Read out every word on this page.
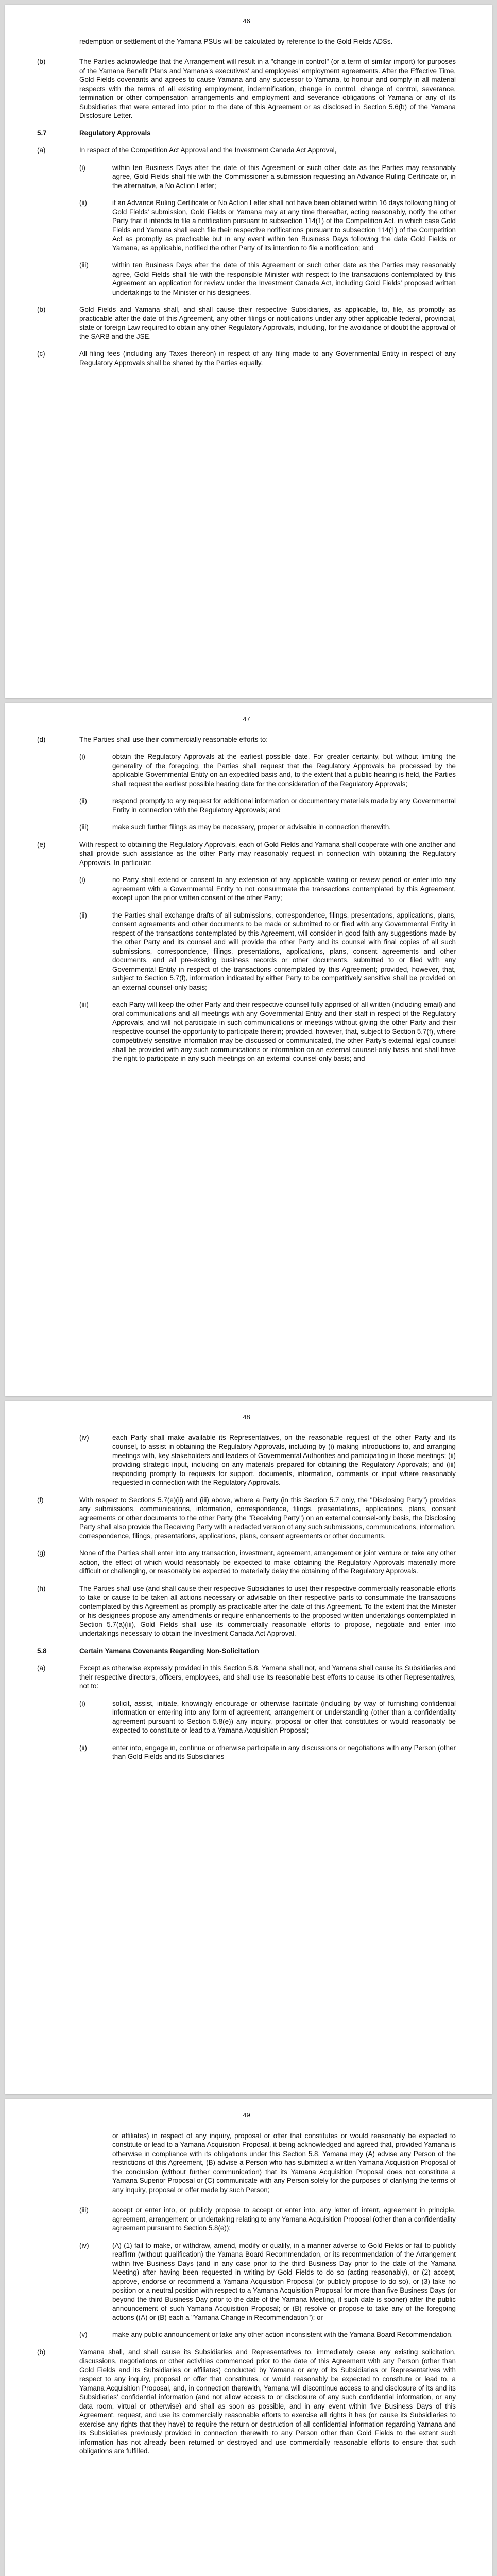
46
redemption or settlement of the Yamana PSUs will be calculated by reference to the Gold Fields ADSs.
(b)	The Parties acknowledge that the Arrangement will result in a "change in control" (or a term of similar import) for purposes of the Yamana Benefit Plans and Yamana's executives' and employees' employment agreements. After the Effective Time, Gold Fields covenants and agrees to cause Yamana and any successor to Yamana, to honour and comply in all material respects with the terms of all existing employment, indemnification, change in control, change of control, severance, termination or other compensation arrangements and employment and severance obligations of Yamana or any of its Subsidiaries that were entered into prior to the date of this Agreement or as disclosed in Section 5.6(b) of the Yamana Disclosure Letter.
5.7	Regulatory Approvals
(a)	In respect of the Competition Act Approval and the Investment Canada Act Approval,
(i)	within ten Business Days after the date of this Agreement or such other date as the Parties may reasonably agree, Gold Fields shall file with the Commissioner a submission requesting an Advance Ruling Certificate or, in the alternative, a No Action Letter;
(ii)	if an Advance Ruling Certificate or No Action Letter shall not have been obtained within 16 days following filing of Gold Fields' submission, Gold Fields or Yamana may at any time thereafter, acting reasonably, notify the other Party that it intends to file a notification pursuant to subsection 114(1) of the Competition Act, in which case Gold Fields and Yamana shall each file their respective notifications pursuant to subsection 114(1) of the Competition Act as promptly as practicable but in any event within ten Business Days following the date Gold Fields or Yamana, as applicable, notified the other Party of its intention to file a notification; and
(iii)	within ten Business Days after the date of this Agreement or such other date as the Parties may reasonably agree, Gold Fields shall file with the responsible Minister with respect to the transactions contemplated by this Agreement an application for review under the Investment Canada Act, including Gold Fields' proposed written undertakings to the Minister or his designees.
(b)	Gold Fields and Yamana shall, and shall cause their respective Subsidiaries, as applicable, to, file, as promptly as practicable after the date of this Agreement, any other filings or notifications under any other applicable federal, provincial, state or foreign Law required to obtain any other Regulatory Approvals, including, for the avoidance of doubt the approval of the SARB and the JSE.
(c)	All filing fees (including any Taxes thereon) in respect of any filing made to any Governmental Entity in respect of any Regulatory Approvals shall be shared by the Parties equally.
47
(d)	The Parties shall use their commercially reasonable efforts to:
(i)	obtain the Regulatory Approvals at the earliest possible date. For greater certainty, but without limiting the generality of the foregoing, the Parties shall request that the Regulatory Approvals be processed by the applicable Governmental Entity on an expedited basis and, to the extent that a public hearing is held, the Parties shall request the earliest possible hearing date for the consideration of the Regulatory Approvals;
(ii)	respond promptly to any request for additional information or documentary materials made by any Governmental Entity in connection with the Regulatory Approvals; and
(iii)	make such further filings as may be necessary, proper or advisable in connection therewith.
(e)	With respect to obtaining the Regulatory Approvals, each of Gold Fields and Yamana shall cooperate with one another and shall provide such assistance as the other Party may reasonably request in connection with obtaining the Regulatory Approvals. In particular:
(i)	no Party shall extend or consent to any extension of any applicable waiting or review period or enter into any agreement with a Governmental Entity to not consummate the transactions contemplated by this Agreement, except upon the prior written consent of the other Party;
(ii)	the Parties shall exchange drafts of all submissions, correspondence, filings, presentations, applications, plans, consent agreements and other documents to be made or submitted to or filed with any Governmental Entity in respect of the transactions contemplated by this Agreement, will consider in good faith any suggestions made by the other Party and its counsel and will provide the other Party and its counsel with final copies of all such submissions, correspondence, filings, presentations, applications, plans, consent agreements and other documents, and all pre-existing business records or other documents, submitted to or filed with any Governmental Entity in respect of the transactions contemplated by this Agreement; provided, however, that, subject to Section 5.7(f), information indicated by either Party to be competitively sensitive shall be provided on an external counsel-only basis;
(iii)	each Party will keep the other Party and their respective counsel fully apprised of all written (including email) and oral communications and all meetings with any Governmental Entity and their staff in respect of the Regulatory Approvals, and will not participate in such communications or meetings without giving the other Party and their respective counsel the opportunity to participate therein; provided, however, that, subject to Section 5.7(f), where competitively sensitive information may be discussed or communicated, the other Party's external legal counsel shall be provided with any such communications or information on an external counsel-only basis and shall have the right to participate in any such meetings on an external counsel-only basis; and
48
(iv)	each Party shall make available its Representatives, on the reasonable request of the other Party and its counsel, to assist in obtaining the Regulatory Approvals, including by (i) making introductions to, and arranging meetings with, key stakeholders and leaders of Governmental Authorities and participating in those meetings; (ii) providing strategic input, including on any materials prepared for obtaining the Regulatory Approvals; and (iii) responding promptly to requests for support, documents, information, comments or input where reasonably requested in connection with the Regulatory Approvals.
(f)	With respect to Sections 5.7(e)(ii) and (iii) above, where a Party (in this Section 5.7 only, the "Disclosing Party") provides any submissions, communications, information, correspondence, filings, presentations, applications, plans, consent agreements or other documents to the other Party (the "Receiving Party") on an external counsel-only basis, the Disclosing Party shall also provide the Receiving Party with a redacted version of any such submissions, communications, information, correspondence, filings, presentations, applications, plans, consent agreements or other documents.
(g)	None of the Parties shall enter into any transaction, investment, agreement, arrangement or joint venture or take any other action, the effect of which would reasonably be expected to make obtaining the Regulatory Approvals materially more difficult or challenging, or reasonably be expected to materially delay the obtaining of the Regulatory Approvals.
(h)	The Parties shall use (and shall cause their respective Subsidiaries to use) their respective commercially reasonable efforts to take or cause to be taken all actions necessary or advisable on their respective parts to consummate the transactions contemplated by this Agreement as promptly as practicable after the date of this Agreement. To the extent that the Minister or his designees propose any amendments or require enhancements to the proposed written undertakings contemplated in Section 5.7(a)(iii), Gold Fields shall use its commercially reasonable efforts to propose, negotiate and enter into undertakings necessary to obtain the Investment Canada Act Approval.
5.8	Certain Yamana Covenants Regarding Non-Solicitation
(a)	Except as otherwise expressly provided in this Section 5.8, Yamana shall not, and Yamana shall cause its Subsidiaries and their respective directors, officers, employees, and shall use its reasonable best efforts to cause its other Representatives, not to:
(i)	solicit, assist, initiate, knowingly encourage or otherwise facilitate (including by way of furnishing confidential information or entering into any form of agreement, arrangement or understanding (other than a confidentiality agreement pursuant to Section 5.8(e)) any inquiry, proposal or offer that constitutes or would reasonably be expected to constitute or lead to a Yamana Acquisition Proposal;
(ii)	enter into, engage in, continue or otherwise participate in any discussions or negotiations with any Person (other than Gold Fields and its Subsidiaries
49
or affiliates) in respect of any inquiry, proposal or offer that constitutes or would reasonably be expected to constitute or lead to a Yamana Acquisition Proposal, it being acknowledged and agreed that, provided Yamana is otherwise in compliance with its obligations under this Section 5.8, Yamana may (A) advise any Person of the restrictions of this Agreement, (B) advise a Person who has submitted a written Yamana Acquisition Proposal of the conclusion (without further communication) that its Yamana Acquisition Proposal does not constitute a Yamana Superior Proposal or (C) communicate with any Person solely for the purposes of clarifying the terms of any inquiry, proposal or offer made by such Person;
(iii)	accept or enter into, or publicly propose to accept or enter into, any letter of intent, agreement in principle, agreement, arrangement or undertaking relating to any Yamana Acquisition Proposal (other than a confidentiality agreement pursuant to Section 5.8(e));
(iv)	(A) (1) fail to make, or withdraw, amend, modify or qualify, in a manner adverse to Gold Fields or fail to publicly reaffirm (without qualification) the Yamana Board Recommendation, or its recommendation of the Arrangement within five Business Days (and in any case prior to the third Business Day prior to the date of the Yamana Meeting) after having been requested in writing by Gold Fields to do so (acting reasonably), or (2) accept, approve, endorse or recommend a Yamana Acquisition Proposal (or publicly propose to do so), or (3) take no position or a neutral position with respect to a Yamana Acquisition Proposal for more than five Business Days (or beyond the third Business Day prior to the date of the Yamana Meeting, if such date is sooner) after the public announcement of such Yamana Acquisition Proposal; or (B) resolve or propose to take any of the foregoing actions ((A) or (B) each a "Yamana Change in Recommendation"); or
(v)	make any public announcement or take any other action inconsistent with the Yamana Board Recommendation.
(b)	Yamana shall, and shall cause its Subsidiaries and Representatives to, immediately cease any existing solicitation, discussions, negotiations or other activities commenced prior to the date of this Agreement with any Person (other than Gold Fields and its Subsidiaries or affiliates) conducted by Yamana or any of its Subsidiaries or Representatives with respect to any inquiry, proposal or offer that constitutes, or would reasonably be expected to constitute or lead to, a Yamana Acquisition Proposal, and, in connection therewith, Yamana will discontinue access to and disclosure of its and its Subsidiaries' confidential information (and not allow access to or disclosure of any such confidential information, or any data room, virtual or otherwise) and shall as soon as possible, and in any event within five Business Days of this Agreement, request, and use its commercially reasonable efforts to exercise all rights it has (or cause its Subsidiaries to exercise any rights that they have) to require the return or destruction of all confidential information regarding Yamana and its Subsidiaries previously provided in connection therewith to any Person other than Gold Fields to the extent such information has not already been returned or destroyed and use commercially reasonable efforts to ensure that such obligations are fulfilled.
